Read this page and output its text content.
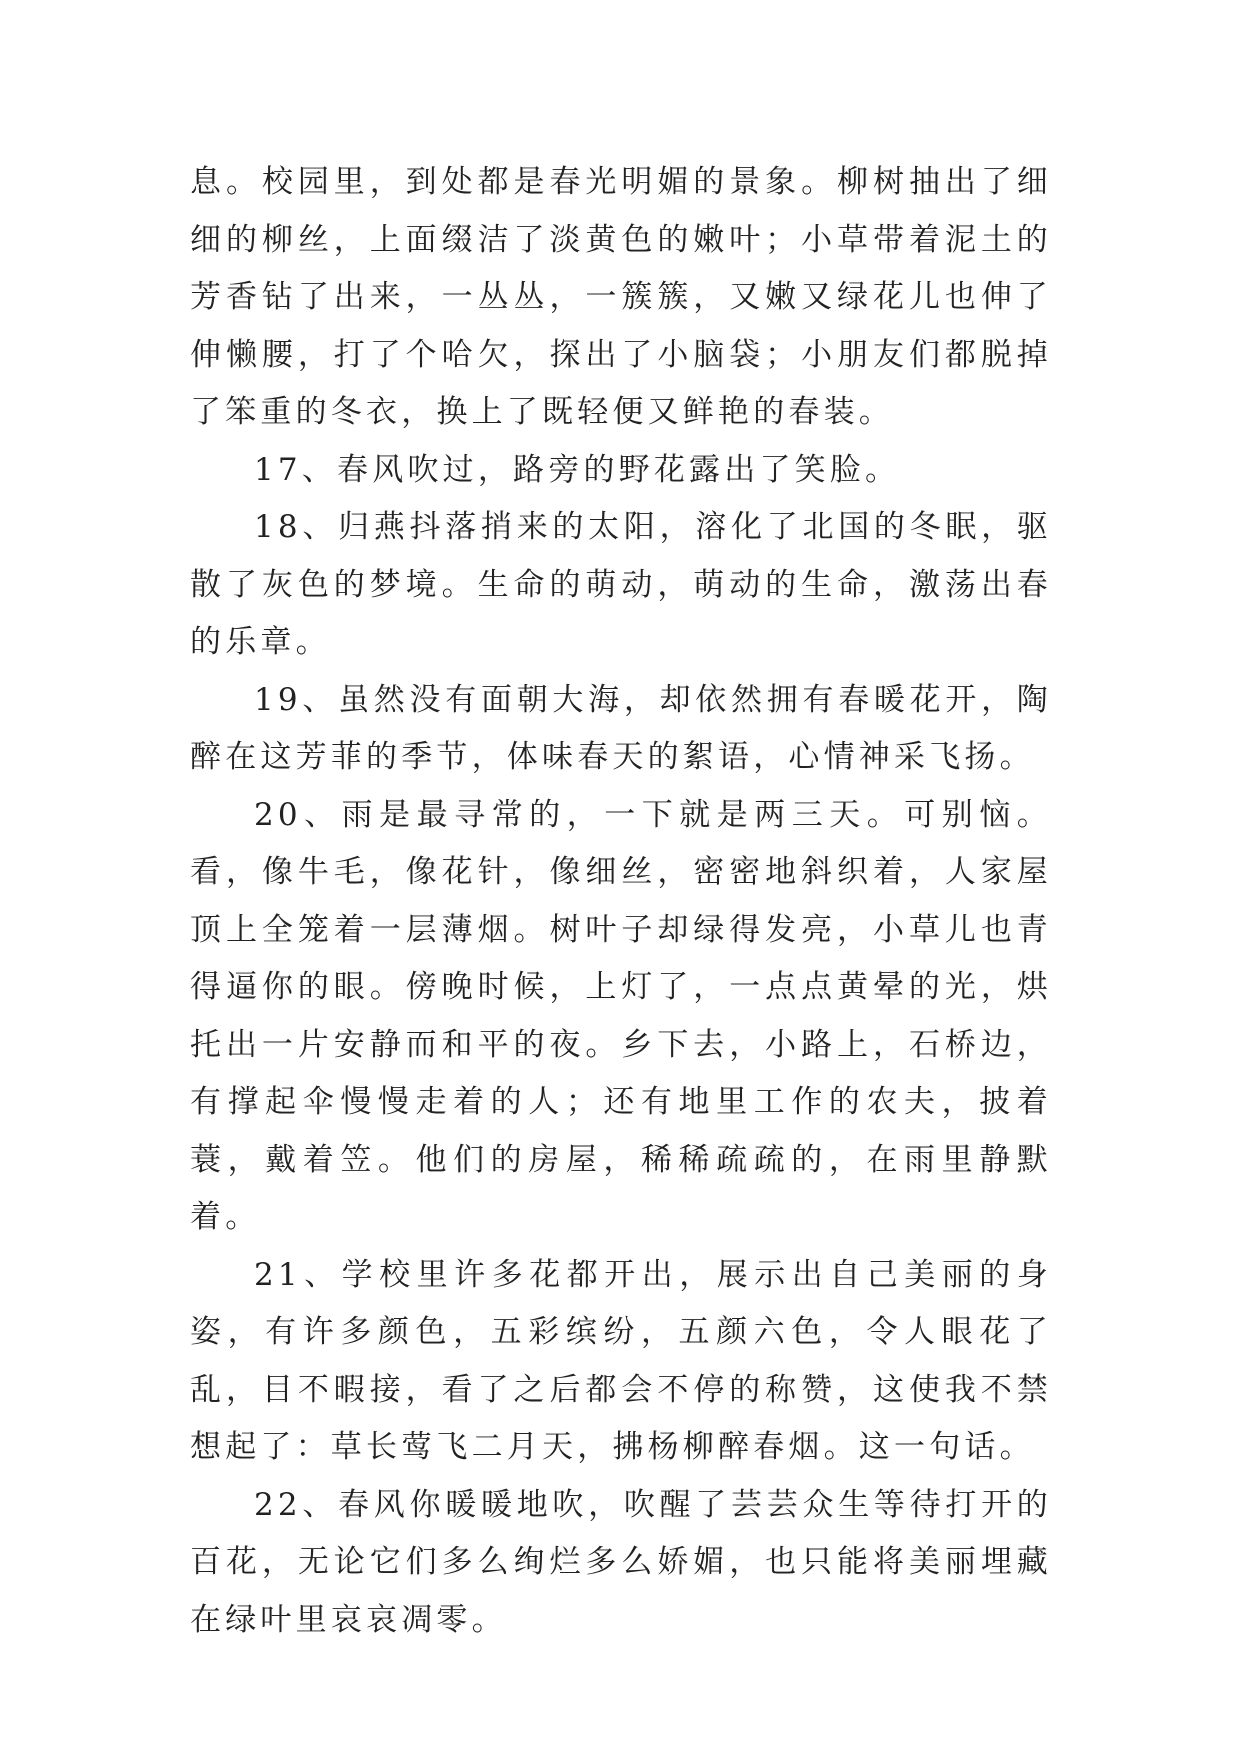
息。校园里，到处都是春光明媚的景象。柳树抽出了细细的柳丝，上面缀洁了淡黄色的嫩叶；小草带着泥土的芳香钻了出来，一丛丛，一簇簇，又嫩又绿花儿也伸了伸懒腰，打了个哈欠，探出了小脑袋；小朋友们都脱掉了笨重的冬衣，换上了既轻便又鲜艳的春装。

17、春风吹过，路旁的野花露出了笑脸。

18、归燕抖落捎来的太阳，溶化了北国的冬眠，驱散了灰色的梦境。生命的萌动，萌动的生命，激荡出春的乐章。

19、虽然没有面朝大海，却依然拥有春暖花开，陶醉在这芳菲的季节，体味春天的絮语，心情神采飞扬。

20、雨是最寻常的，一下就是两三天。可别恼。看，像牛毛，像花针，像细丝，密密地斜织着，人家屋顶上全笼着一层薄烟。树叶子却绿得发亮，小草儿也青得逼你的眼。傍晚时候，上灯了，一点点黄晕的光，烘托出一片安静而和平的夜。乡下去，小路上，石桥边，有撑起伞慢慢走着的人；还有地里工作的农夫，披着蓑，戴着笠。他们的房屋，稀稀疏疏的，在雨里静默着。

21、学校里许多花都开出，展示出自己美丽的身姿，有许多颜色，五彩缤纷，五颜六色，令人眼花了乱，目不暇接，看了之后都会不停的称赞，这使我不禁想起了：草长莺飞二月天，拂杨柳醉春烟。这一句话。

22、春风你暖暖地吹，吹醒了芸芸众生等待打开的百花，无论它们多么绚烂多么娇媚，也只能将美丽埋藏在绿叶里哀哀凋零。
